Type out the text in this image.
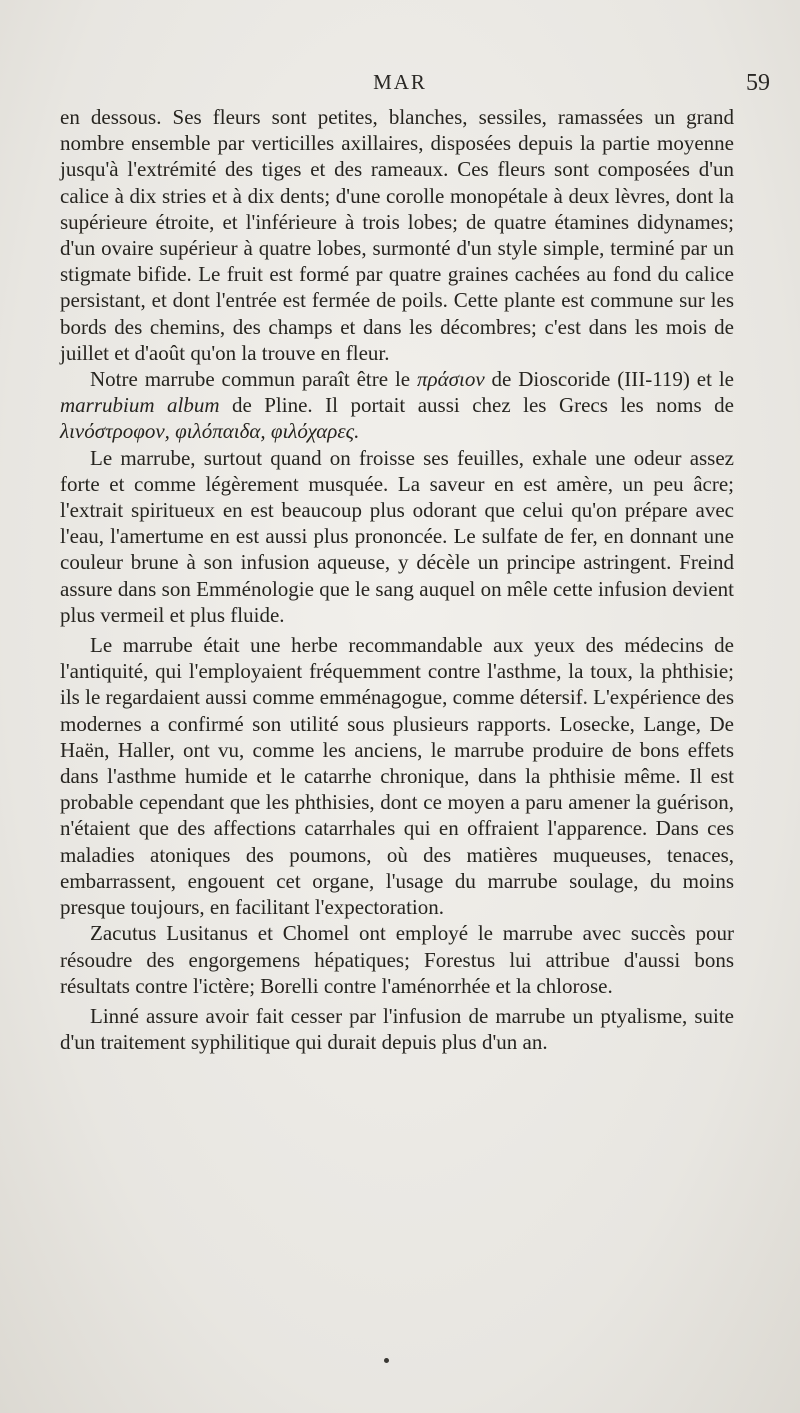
MAR	59

en dessous. Ses fleurs sont petites, blanches, sessiles, ramassées un grand nombre ensemble par verticilles axillaires, disposées depuis la partie moyenne jusqu'à l'extrémité des tiges et des rameaux. Ces fleurs sont composées d'un calice à dix stries et à dix dents; d'une corolle monopétale à deux lèvres, dont la supérieure étroite, et l'inférieure à trois lobes; de quatre étamines didynames; d'un ovaire supérieur à quatre lobes, surmonté d'un style simple, terminé par un stigmate bifide. Le fruit est formé par quatre graines cachées au fond du calice persistant, et dont l'entrée est fermée de poils. Cette plante est commune sur les bords des chemins, des champs et dans les décombres; c'est dans les mois de juillet et d'août qu'on la trouve en fleur.

Notre marrube commun paraît être le πράσιον de Dioscoride (III-119) et le marrubium album de Pline. Il portait aussi chez les Grecs les noms de λινόστροφον, φιλόπαιδα, φιλόχαρες.

Le marrube, surtout quand on froisse ses feuilles, exhale une odeur assez forte et comme légèrement musquée. La saveur en est amère, un peu âcre; l'extrait spiritueux en est beaucoup plus odorant que celui qu'on prépare avec l'eau, l'amertume en est aussi plus prononcée. Le sulfate de fer, en donnant une couleur brune à son infusion aqueuse, y décèle un principe astringent. Freind assure dans son Emménologie que le sang auquel on mêle cette infusion devient plus vermeil et plus fluide.

Le marrube était une herbe recommandable aux yeux des médecins de l'antiquité, qui l'employaient fréquemment contre l'asthme, la toux, la phthisie; ils le regardaient aussi comme emménagogue, comme détersif. L'expérience des modernes a confirmé son utilité sous plusieurs rapports. Losecke, Lange, De Haën, Haller, ont vu, comme les anciens, le marrube produire de bons effets dans l'asthme humide et le catarrhe chronique, dans la phthisie même. Il est probable cependant que les phthisies, dont ce moyen a paru amener la guérison, n'étaient que des affections catarrhales qui en offraient l'apparence. Dans ces maladies atoniques des poumons, où des matières muqueuses, tenaces, embarrassent, engouent cet organe, l'usage du marrube soulage, du moins presque toujours, en facilitant l'expectoration.

Zacutus Lusitanus et Chomel ont employé le marrube avec succès pour résoudre des engorgemens hépatiques; Forestus lui attribue d'aussi bons résultats contre l'ictère; Borelli contre l'aménorrhée et la chlorose.

Linné assure avoir fait cesser par l'infusion de marrube un ptyalisme, suite d'un traitement syphilitique qui durait depuis plus d'un an.
